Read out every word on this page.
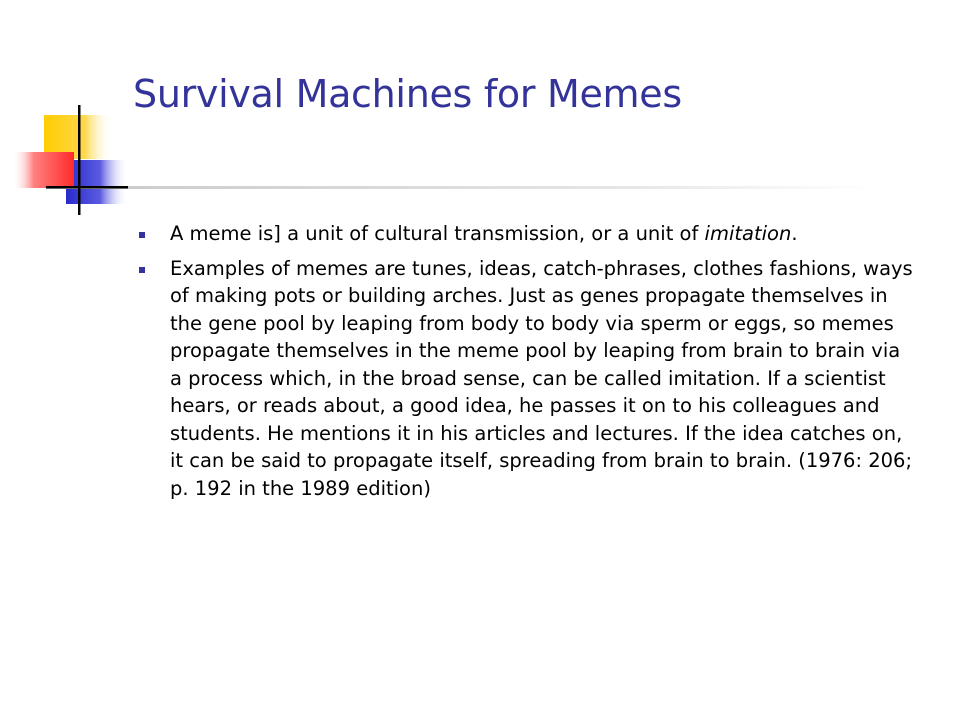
Survival Machines for Memes
A meme is] a unit of cultural transmission, or a unit of imitation.
Examples of memes are tunes, ideas, catch-phrases, clothes fashions, ways of making pots or building arches. Just as genes propagate themselves in the gene pool by leaping from body to body via sperm or eggs, so memes propagate themselves in the meme pool by leaping from brain to brain via a process which, in the broad sense, can be called imitation. If a scientist hears, or reads about, a good idea, he passes it on to his colleagues and students. He mentions it in his articles and lectures. If the idea catches on, it can be said to propagate itself, spreading from brain to brain. (1976: 206; p. 192 in the 1989 edition)
